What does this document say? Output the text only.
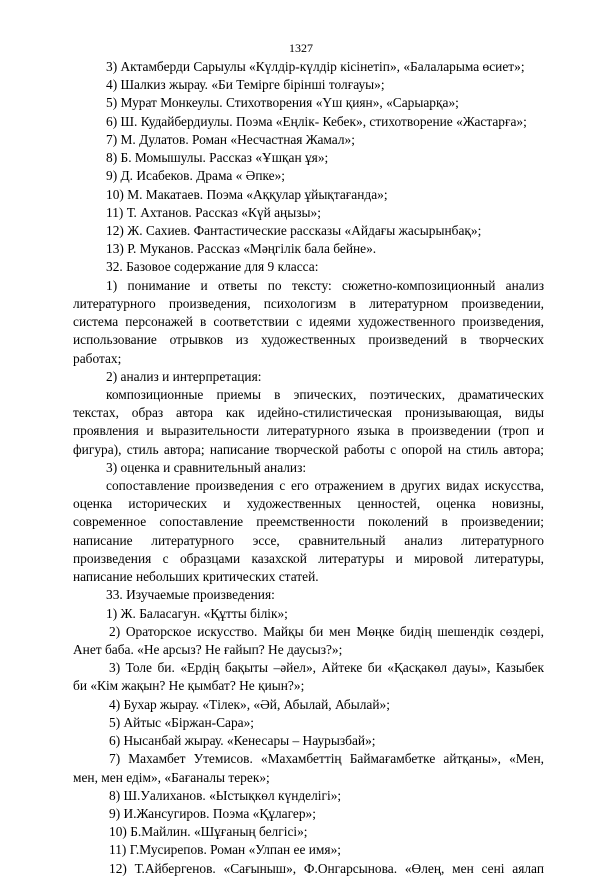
1327
3) Актамберди Сарыулы «Күлдір-күлдір кісінетіп», «Балаларыма өсиет»;
4) Шалкиз жырау. «Би Темірге бірінші толғауы»;
5) Мурат Монкеулы. Стихотворения «Үш қиян», «Сарыарқа»;
6) Ш. Кудайбердиулы. Поэма «Еңлік- Кебек», стихотворение «Жастарға»;
7) М. Дулатов. Роман «Несчастная Жамал»;
8) Б. Момышулы. Рассказ «Ұшқан ұя»;
9) Д. Исабеков. Драма « Әпке»;
10) М. Макатаев. Поэма «Аққулар ұйықтағанда»;
11) Т. Ахтанов. Рассказ «Күй аңызы»;
12) Ж. Сахиев. Фантастические рассказы «Айдағы жасырынбақ»;
13) Р. Муканов. Рассказ «Мәңгілік бала бейне».
32. Базовое содержание для 9 класса:
1) понимание и ответы по тексту: сюжетно-композиционный анализ
литературного произведения, психологизм в литературном произведении,
система персонажей в соответствии с идеями художественного произведения,
использование отрывков из художественных произведений в творческих
работах;
2) анализ и интерпретация:
композиционные приемы в эпических, поэтических, драматических
текстах, образ автора как идейно-стилистическая пронизывающая, виды
проявления и выразительности литературного языка в произведении (троп и
фигура), стиль автора; написание творческой работы с опорой на стиль автора;
3) оценка и сравнительный анализ:
сопоставление произведения с его отражением в других видах искусства,
оценка исторических и художественных ценностей, оценка новизны,
современное сопоставление преемственности поколений в произведении;
написание литературного эссе, сравнительный анализ литературного
произведения с образцами казахской литературы и мировой литературы,
написание небольших критических статей.
33. Изучаемые произведения:
1) Ж. Баласагун. «Құтты білік»;
2) Ораторское искусство. Майқы би мен Мөңке бидің шешендік сөздері,
Анет баба. «Не арсыз? Не ғайып? Не даусыз?»;
3) Толе би. «Ердің бақыты –әйел», Айтеке би «Қасқакөл дауы», Казыбек
би «Кім жақын? Не қымбат? Не қиын?»;
4) Бухар жырау. «Тілек», «Әй, Абылай, Абылай»;
5) Айтыс «Біржан-Сара»;
6) Нысанбай жырау. «Кенесары – Наурызбай»;
7) Махамбет Утемисов. «Махамбеттің Баймағамбетке айтқаны», «Мен,
мен, мен едім», «Бағаналы терек»;
8) Ш.Уалиханов. «Ыстықкөл күнделігі»;
9) И.Жансугиров. Поэма «Құлагер»;
10) Б.Майлин. «Шұғаның белгісі»;
11) Г.Мусирепов. Роман «Улпан ее имя»;
12) Т.Айбергенов. «Сағыныш», Ф.Онгарсынова. «Өлең, мен сені аялап
